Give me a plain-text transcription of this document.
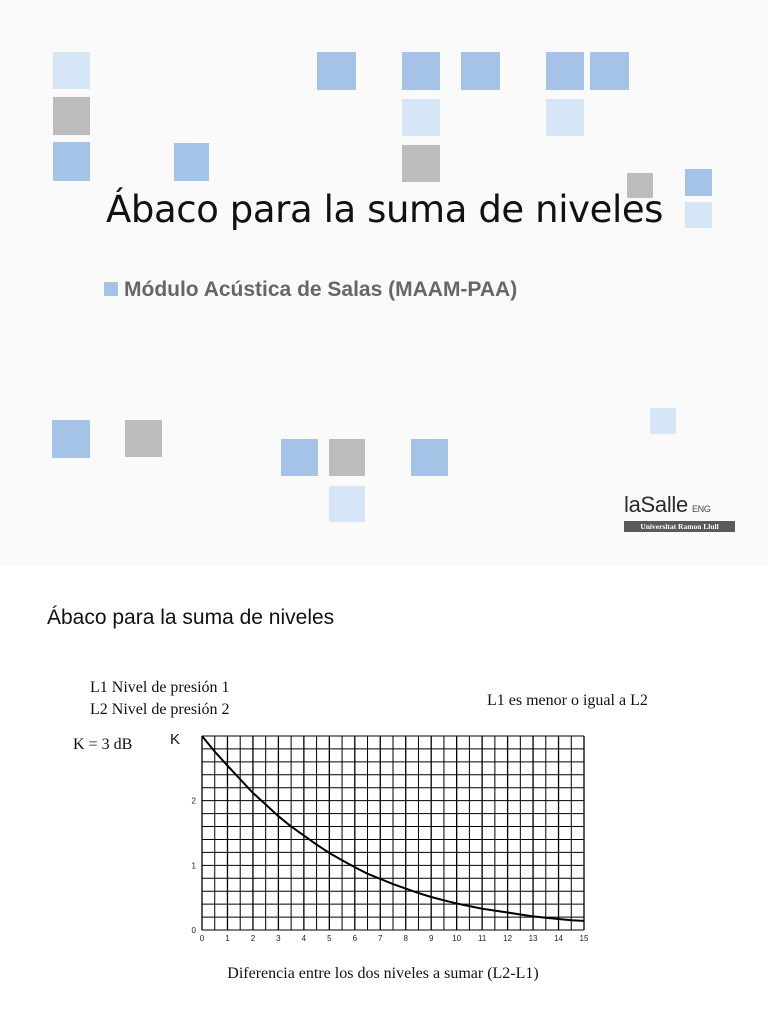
Ábaco para la suma de niveles
Módulo Acústica de Salas (MAAM-PAA)
laSalle ENG
Universitat Ramon Llull
Ábaco para la suma de niveles
L1 Nivel de presión 1
L2 Nivel de presión 2
L1 es menor o igual a L2
K = 3 dB
0	1	2	3	4	5	6	7	8	9 10 11 12 13 14 15
0
1
2
K
Diferencia entre los dos niveles a sumar (L2-L1)
